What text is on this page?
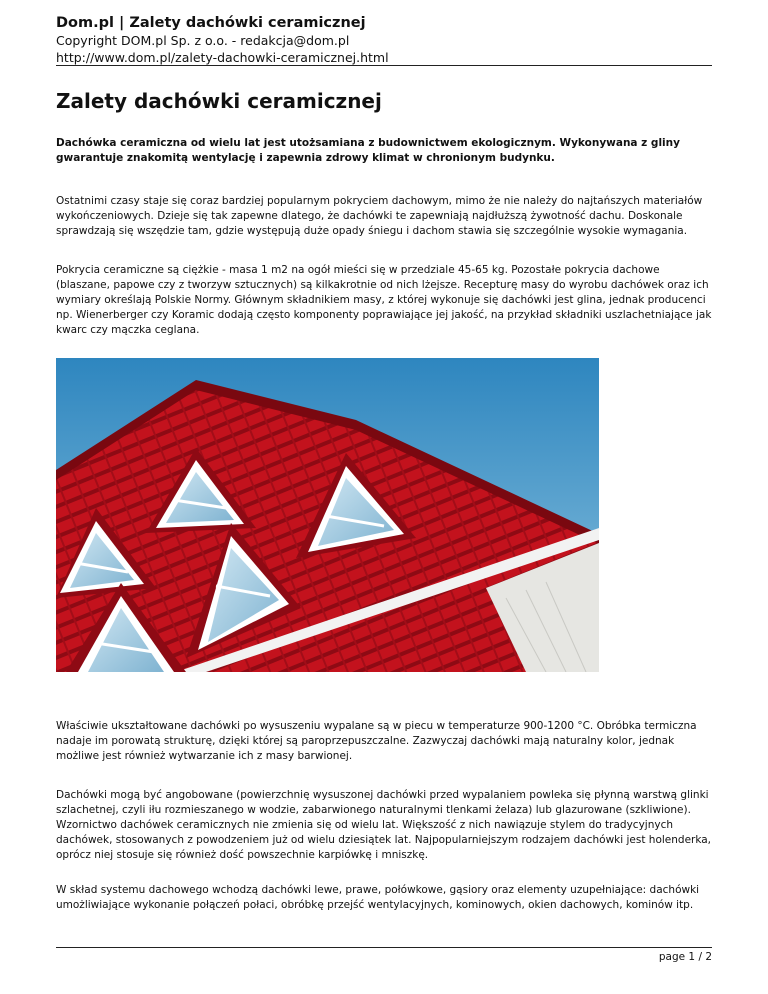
Dom.pl | Zalety dachówki ceramicznej

Copyright DOM.pl Sp. z o.o. - redakcja@dom.pl

http://www.dom.pl/zalety-dachowki-ceramicznej.html

Zalety dachówki ceramicznej

Dachówka ceramiczna od wielu lat jest utożsamiana z budownictwem ekologicznym. Wykonywana z gliny gwarantuje znakomitą wentylację i zapewnia zdrowy klimat w chronionym budynku.

Ostatnimi czasy staje się coraz bardziej popularnym pokryciem dachowym, mimo że nie należy do najtańszych materiałów wykończeniowych. Dzieje się tak zapewne dlatego, że dachówki te zapewniają najdłuższą żywotność dachu. Doskonale sprawdzają się wszędzie tam, gdzie występują duże opady śniegu i dachom stawia się szczególnie wysokie wymagania.

Pokrycia ceramiczne są ciężkie - masa 1 m2 na ogół mieści się w przedziale 45-65 kg. Pozostałe pokrycia dachowe (blaszane, papowe czy z tworzyw sztucznych) są kilkakrotnie od nich lżejsze. Recepturę masy do wyrobu dachówek oraz ich wymiary określają Polskie Normy. Głównym składnikiem masy, z której wykonuje się dachówki jest glina, jednak producenci np. Wienerberger czy Koramic dodają często komponenty poprawiające jej jakość, na przykład składniki uszlachetniające jak kwarc czy mączka ceglana.

Właściwie ukształtowane dachówki po wysuszeniu wypalane są w piecu w temperaturze 900-1200 °C. Obróbka termiczna nadaje im porowatą strukturę, dzięki której są paroprzepuszczalne. Zazwyczaj dachówki mają naturalny kolor, jednak możliwe jest również wytwarzanie ich z masy barwionej.

Dachówki mogą być angobowane (powierzchnię wysuszonej dachówki przed wypalaniem powleka się płynną warstwą glinki szlachetnej, czyli iłu rozmieszanego w wodzie, zabarwionego naturalnymi tlenkami żelaza) lub glazurowane (szkliwione). Wzornictwo dachówek ceramicznych nie zmienia się od wielu lat. Większość z nich nawiązuje stylem do tradycyjnych dachówek, stosowanych z powodzeniem już od wielu dziesiątek lat. Najpopularniejszym rodzajem dachówki jest holenderka, oprócz niej stosuje się również dość powszechnie karpiówkę i mniszkę.

W skład systemu dachowego wchodzą dachówki lewe, prawe, połówkowe, gąsiory oraz elementy uzupełniające: dachówki umożliwiające wykonanie połączeń połaci, obróbkę przejść wentylacyjnych, kominowych, okien dachowych, kominów itp.

page 1 / 2
